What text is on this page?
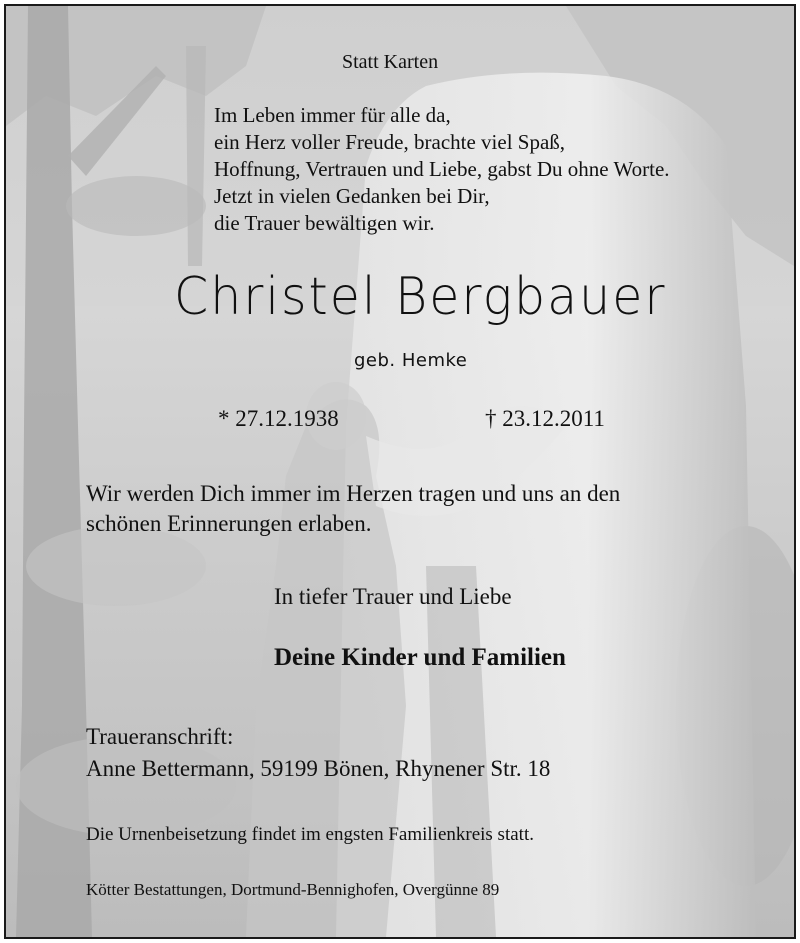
Statt Karten

Im Leben immer für alle da,
ein Herz voller Freude, brachte viel Spaß,
Hoffnung, Vertrauen und Liebe, gabst Du ohne Worte.
Jetzt in vielen Gedanken bei Dir,
die Trauer bewältigen wir.

Christel Bergbauer

geb. Hemke

* 27.12.1938	† 23.12.2011

Wir werden Dich immer im Herzen tragen und uns an den
schönen Erinnerungen erlaben.

In tiefer Trauer und Liebe

Deine Kinder und Familien

Traueranschrift:

Anne Bettermann, 59199 Bönen, Rhynener Str. 18

Die Urnenbeisetzung findet im engsten Familienkreis statt.

Kötter Bestattungen, Dortmund-Bennighofen, Overgünne 89
